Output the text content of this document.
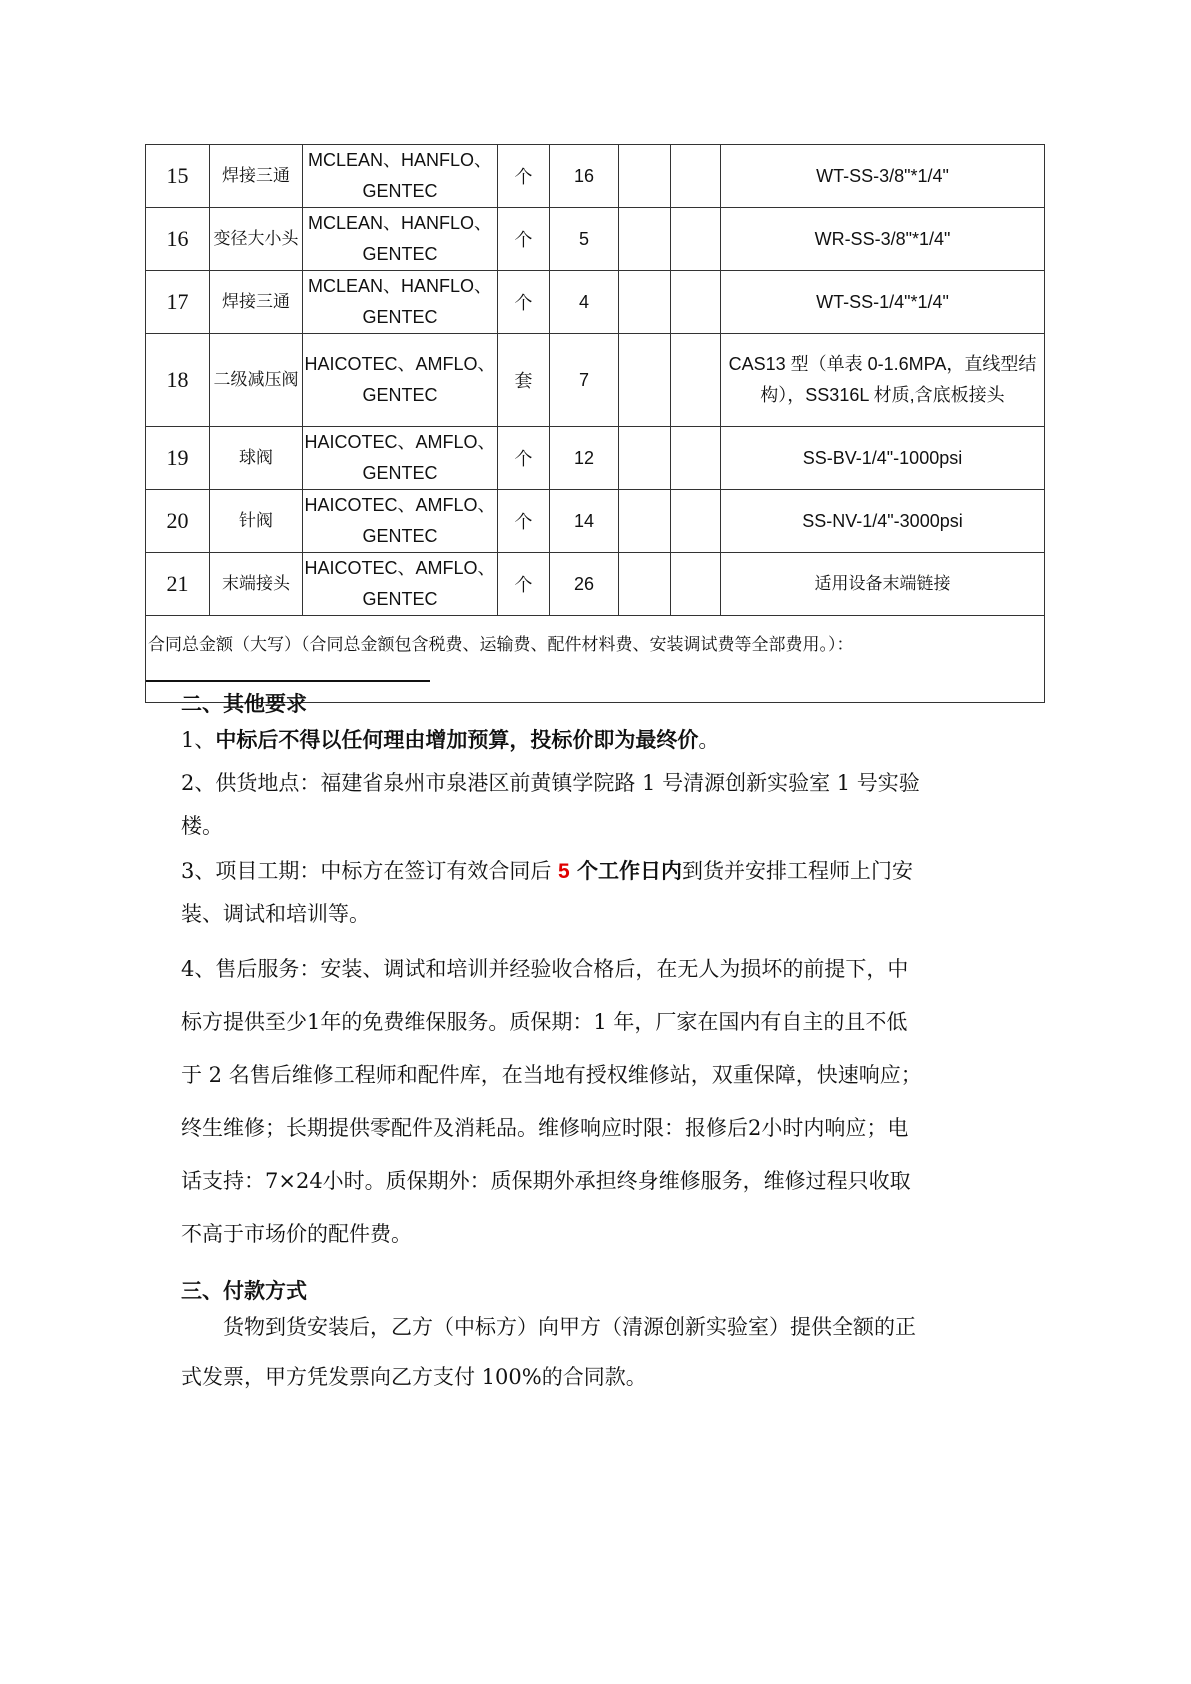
15	焊接三通	MCLEAN、HANFLO、
GENTEC	个	16			WT-SS-3/8"*1/4"
16	变径大小头	MCLEAN、HANFLO、
GENTEC	个	5			WR-SS-3/8"*1/4"
17	焊接三通	MCLEAN、HANFLO、
GENTEC	个	4			WT-SS-1/4"*1/4"
18	二级减压阀	HAICOTEC、AMFLO、
GENTEC	套	7			CAS13 型（单表 0-1.6MPA，直线型结构），SS316L 材质,含底板接头
19	球阀	HAICOTEC、AMFLO、
GENTEC	个	12			SS-BV-1/4"-1000psi
20	针阀	HAICOTEC、AMFLO、
GENTEC	个	14			SS-NV-1/4"-3000psi
21	末端接头	HAICOTEC、AMFLO、
GENTEC	个	26			适用设备末端链接

合同总金额（大写）（合同总金额包含税费、运输费、配件材料费、安装调试费等全部费用。）：							
二、其他要求
1、中标后不得以任何理由增加预算，投标价即为最终价。
2、供货地点：福建省泉州市泉港区前黄镇学院路 1 号清源创新实验室 1 号实验
楼。
3、项目工期：中标方在签订有效合同后 5 个工作日内到货并安排工程师上门安
装、调试和培训等。
4、售后服务：安装、调试和培训并经验收合格后，在无人为损坏的前提下，中
标方提供至少1年的免费维保服务。质保期：1 年，厂家在国内有自主的且不低
于 2 名售后维修工程师和配件库，在当地有授权维修站，双重保障，快速响应；
终生维修；长期提供零配件及消耗品。维修响应时限：报修后2小时内响应；电
话支持：7×24小时。质保期外：质保期外承担终身维修服务，维修过程只收取
不高于市场价的配件费。
三、付款方式
　　货物到货安装后，乙方（中标方）向甲方（清源创新实验室）提供全额的正
式发票，甲方凭发票向乙方支付 100%的合同款。
